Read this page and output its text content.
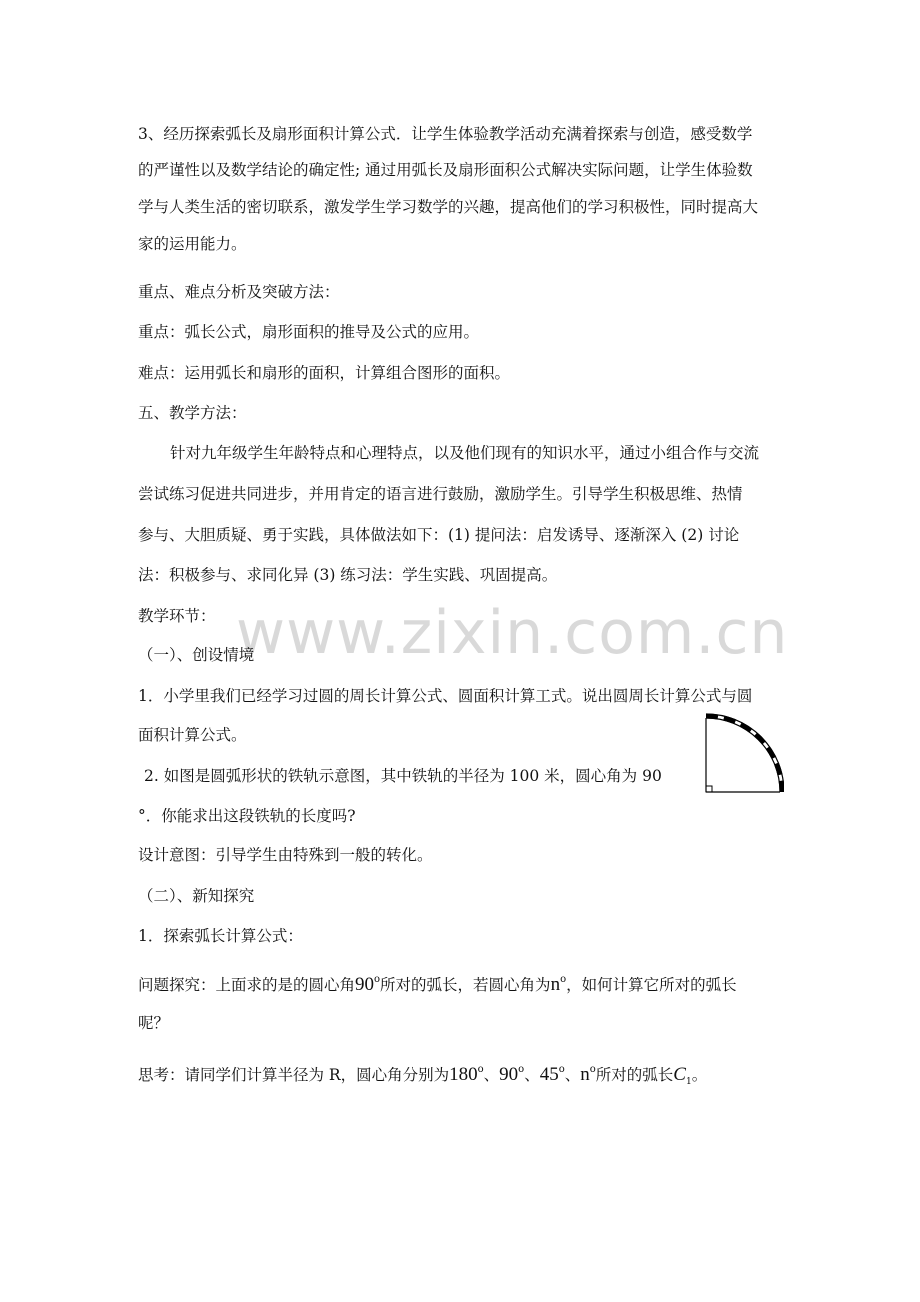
3、经历探索弧长及扇形面积计算公式．让学生体验教学活动充满着探索与创造，感受数学
的严谨性以及数学结论的确定性; 通过用弧长及扇形面积公式解决实际问题，让学生体验数
学与人类生活的密切联系，激发学生学习数学的兴趣，提高他们的学习积极性，同时提高大
家的运用能力。
重点、难点分析及突破方法：
重点：弧长公式，扇形面积的推导及公式的应用。
难点：运用弧长和扇形的面积，计算组合图形的面积。
五、教学方法：
针对九年级学生年龄特点和心理特点，以及他们现有的知识水平，通过小组合作与交流
尝试练习促进共同进步，并用肯定的语言进行鼓励，激励学生。引导学生积极思维、热情
参与、大胆质疑、勇于实践，具体做法如下：(1) 提问法：启发诱导、逐渐深入 (2) 讨论
法：积极参与、求同化异 (3) 练习法：学生实践、巩固提高。
教学环节： www.zixin.com.cn
（一）、创设情境
1．小学里我们已经学习过圆的周长计算公式、圆面积计算工式。说出圆周长计算公式与圆
面积计算公式。
2. 如图是圆弧形状的铁轨示意图，其中铁轨的半径为 100 米，圆心角为 90
°．你能求出这段铁轨的长度吗?
设计意图：引导学生由特殊到一般的转化。
（二）、新知探究
1．探索弧长计算公式：
问题探究：上面求的是的圆心角90$^o$所对的弧长，若圆心角为$n^o$，如何计算它所对的弧长
呢？
思考：请同学们计算半径为 R，圆心角分别为180$^o$、90$^o$、45$^o$、$n^o$所对的弧长$C_1$。
